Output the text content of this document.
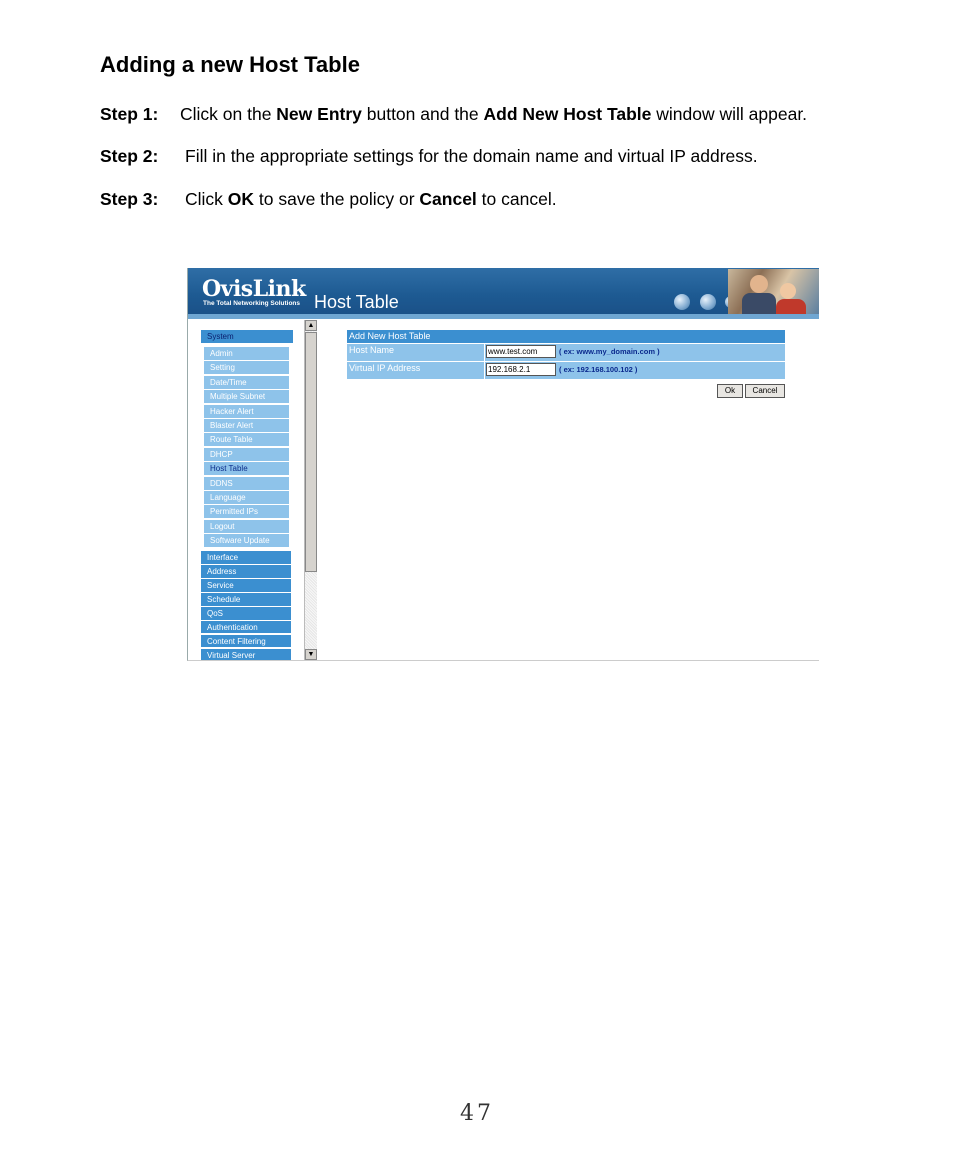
Adding a new Host Table
Step 1: Click on the New Entry button and the Add New Host Table window will appear.
Step 2: Fill in the appropriate settings for the domain name and virtual IP address.
Step 3: Click OK to save the policy or Cancel to cancel.
OvisLink
The Total Networking Solutions Host Table
System
Admin
Setting
Date/Time
Multiple Subnet
Hacker Alert
Blaster Alert
Route Table
DHCP
Host Table
DDNS
Language
Permitted IPs
Logout
Software Update
Interface
Address
Service
Schedule
QoS
Authentication
Content Filtering
Virtual Server
▲
▼
Add New Host Table
Host Name
www.test.com	( ex: www.my_domain.com )
Virtual IP Address
192.168.2.1	( ex: 192.168.100.102 )
Ok Cancel
47
